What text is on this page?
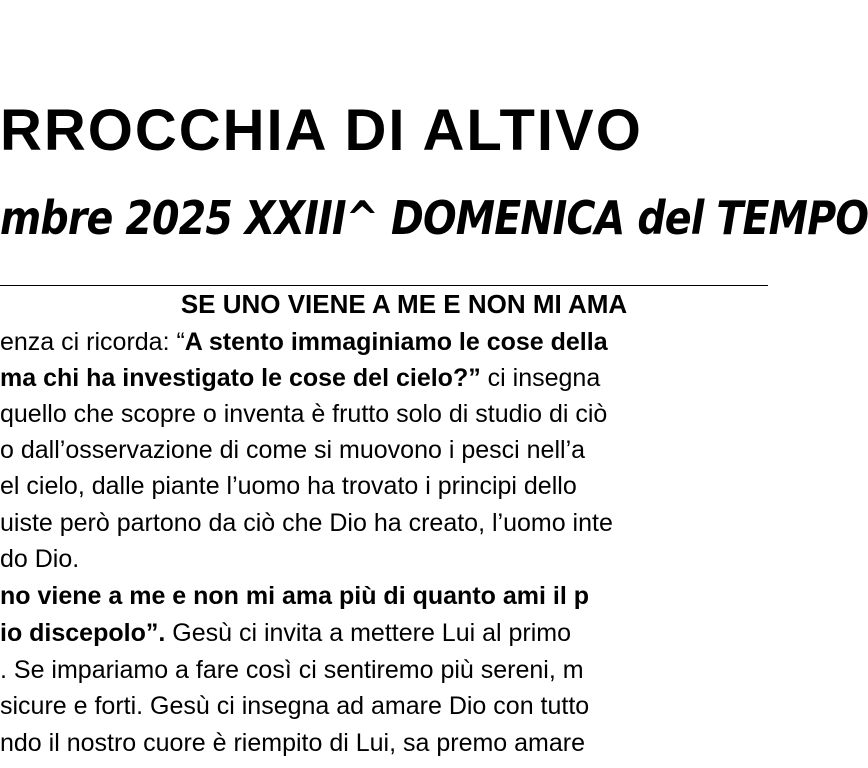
RROCCHIA DI ALTIVO
mbre 2025 XXIII^ DOMENICA del TEMPO
SE UNO VIENE A ME E NON MI AMA
enza ci ricorda: “A stento immaginiamo le cose della
ma chi ha investigato le cose del cielo?” ci insegna
quello che scopre o inventa è frutto solo di studio di ciò
o dall’osservazione di come si muovono i pesci nell’a
el cielo, dalle piante l’uomo ha trovato i principi dello
uiste però partono da ciò che Dio ha creato, l’uomo inte
do Dio.
no viene a me e non mi ama più di quanto ami il p
io discepolo”. Gesù ci invita a mettere Lui al primo
. Se impariamo a fare così ci sentiremo più sereni, m
sicure e forti. Gesù ci insegna ad amare Dio con tutto
ndo il nostro cuore è riempito di Lui, sa premo amare
